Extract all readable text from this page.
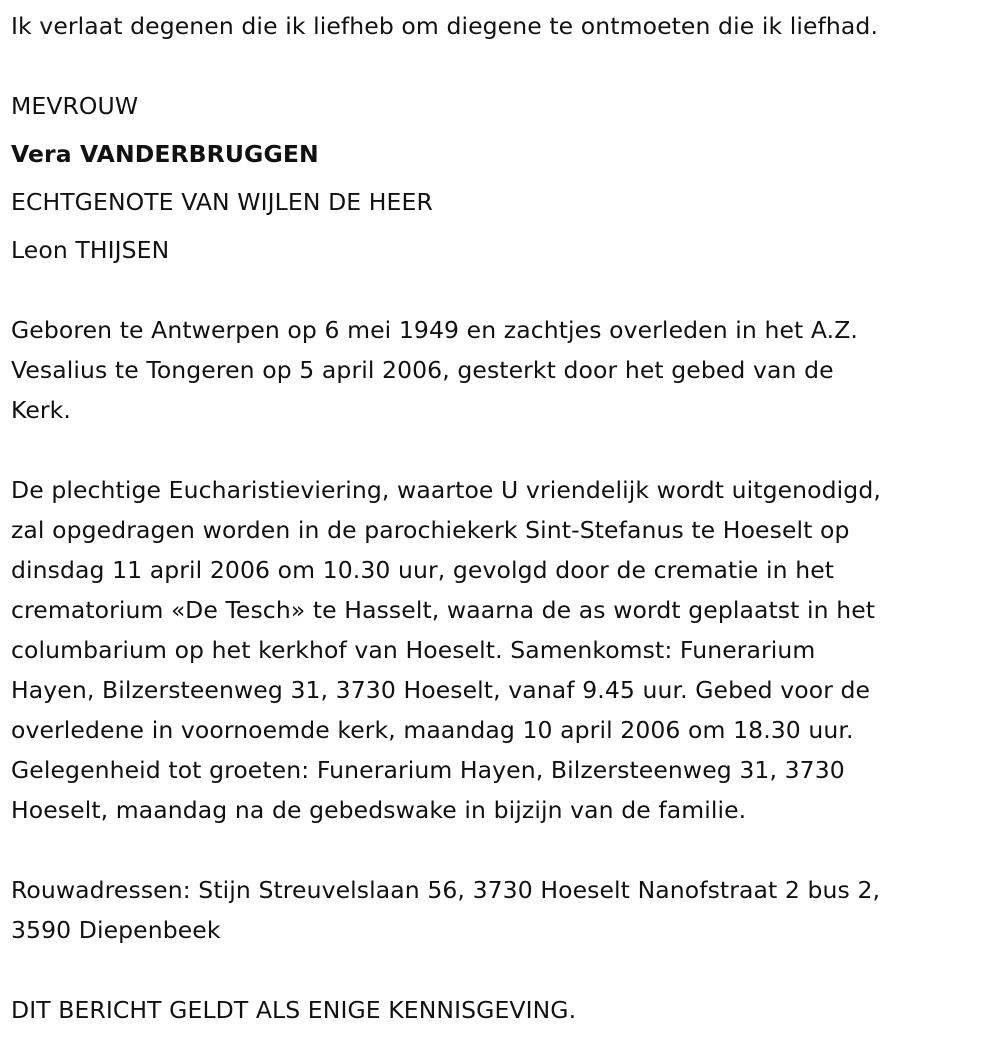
Ik verlaat degenen die ik liefheb om diegene te ontmoeten die ik liefhad.
MEVROUW
Vera VANDERBRUGGEN
ECHTGENOTE VAN WIJLEN DE HEER
Leon THIJSEN
Geboren te Antwerpen op 6 mei 1949 en zachtjes overleden in het A.Z.
Vesalius te Tongeren op 5 april 2006, gesterkt door het gebed van de
Kerk.
De plechtige Eucharistieviering, waartoe U vriendelijk wordt uitgenodigd,
zal opgedragen worden in de parochiekerk Sint-Stefanus te Hoeselt op
dinsdag 11 april 2006 om 10.30 uur, gevolgd door de crematie in het
crematorium «De Tesch» te Hasselt, waarna de as wordt geplaatst in het
columbarium op het kerkhof van Hoeselt. Samenkomst: Funerarium
Hayen, Bilzersteenweg 31, 3730 Hoeselt, vanaf 9.45 uur. Gebed voor de
overledene in voornoemde kerk, maandag 10 april 2006 om 18.30 uur.
Gelegenheid tot groeten: Funerarium Hayen, Bilzersteenweg 31, 3730
Hoeselt, maandag na de gebedswake in bijzijn van de familie.
Rouwadressen: Stijn Streuvelslaan 56, 3730 Hoeselt Nanofstraat 2 bus 2,
3590 Diepenbeek
DIT BERICHT GELDT ALS ENIGE KENNISGEVING.
